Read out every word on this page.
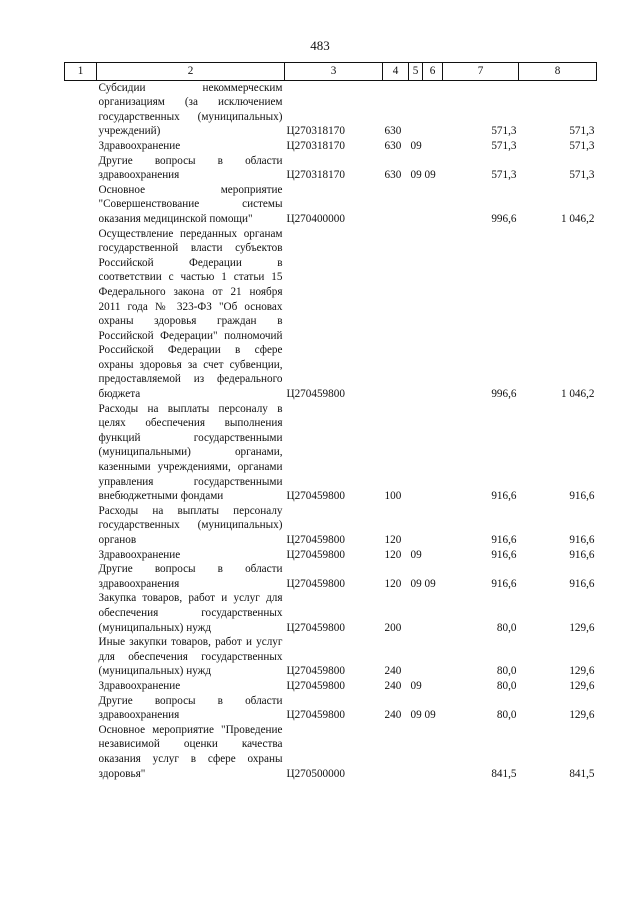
483
1	2	3	4	5	6	7	8
	Субсидии некоммерческим организациям (за исключением государственных (муниципальных) учреждений)	Ц270318170	630			571,3	571,3
	Здравоохранение	Ц270318170	630	09		571,3	571,3
	Другие вопросы в области здравоохранения	Ц270318170	630	09	09	571,3	571,3
	Основное мероприятие "Совершенствование системы оказания медицинской помощи"	Ц270400000				996,6	1 046,2
	Осуществление переданных органам государственной власти субъектов Российской Федерации в соответствии с частью 1 статьи 15 Федерального закона от 21 ноября 2011 года № 323-ФЗ "Об основах охраны здоровья граждан в Российской Федерации" полномочий Российской Федерации в сфере охраны здоровья за счет субвенции, предоставляемой из федерального бюджета	Ц270459800				996,6	1 046,2
	Расходы на выплаты персоналу в целях обеспечения выполнения функций государственными (муниципальными) органами, казенными учреждениями, органами управления государственными внебюджетными фондами	Ц270459800	100			916,6	916,6
	Расходы на выплаты персоналу государственных (муниципальных) органов	Ц270459800	120			916,6	916,6
	Здравоохранение	Ц270459800	120	09		916,6	916,6
	Другие вопросы в области здравоохранения	Ц270459800	120	09	09	916,6	916,6
	Закупка товаров, работ и услуг для обеспечения государственных (муниципальных) нужд	Ц270459800	200			80,0	129,6
	Иные закупки товаров, работ и услуг для обеспечения государственных (муниципальных) нужд	Ц270459800	240			80,0	129,6
	Здравоохранение	Ц270459800	240	09		80,0	129,6
	Другие вопросы в области здравоохранения	Ц270459800	240	09	09	80,0	129,6
	Основное мероприятие "Проведение независимой оценки качества оказания услуг в сфере охраны здоровья"	Ц270500000				841,5	841,5
